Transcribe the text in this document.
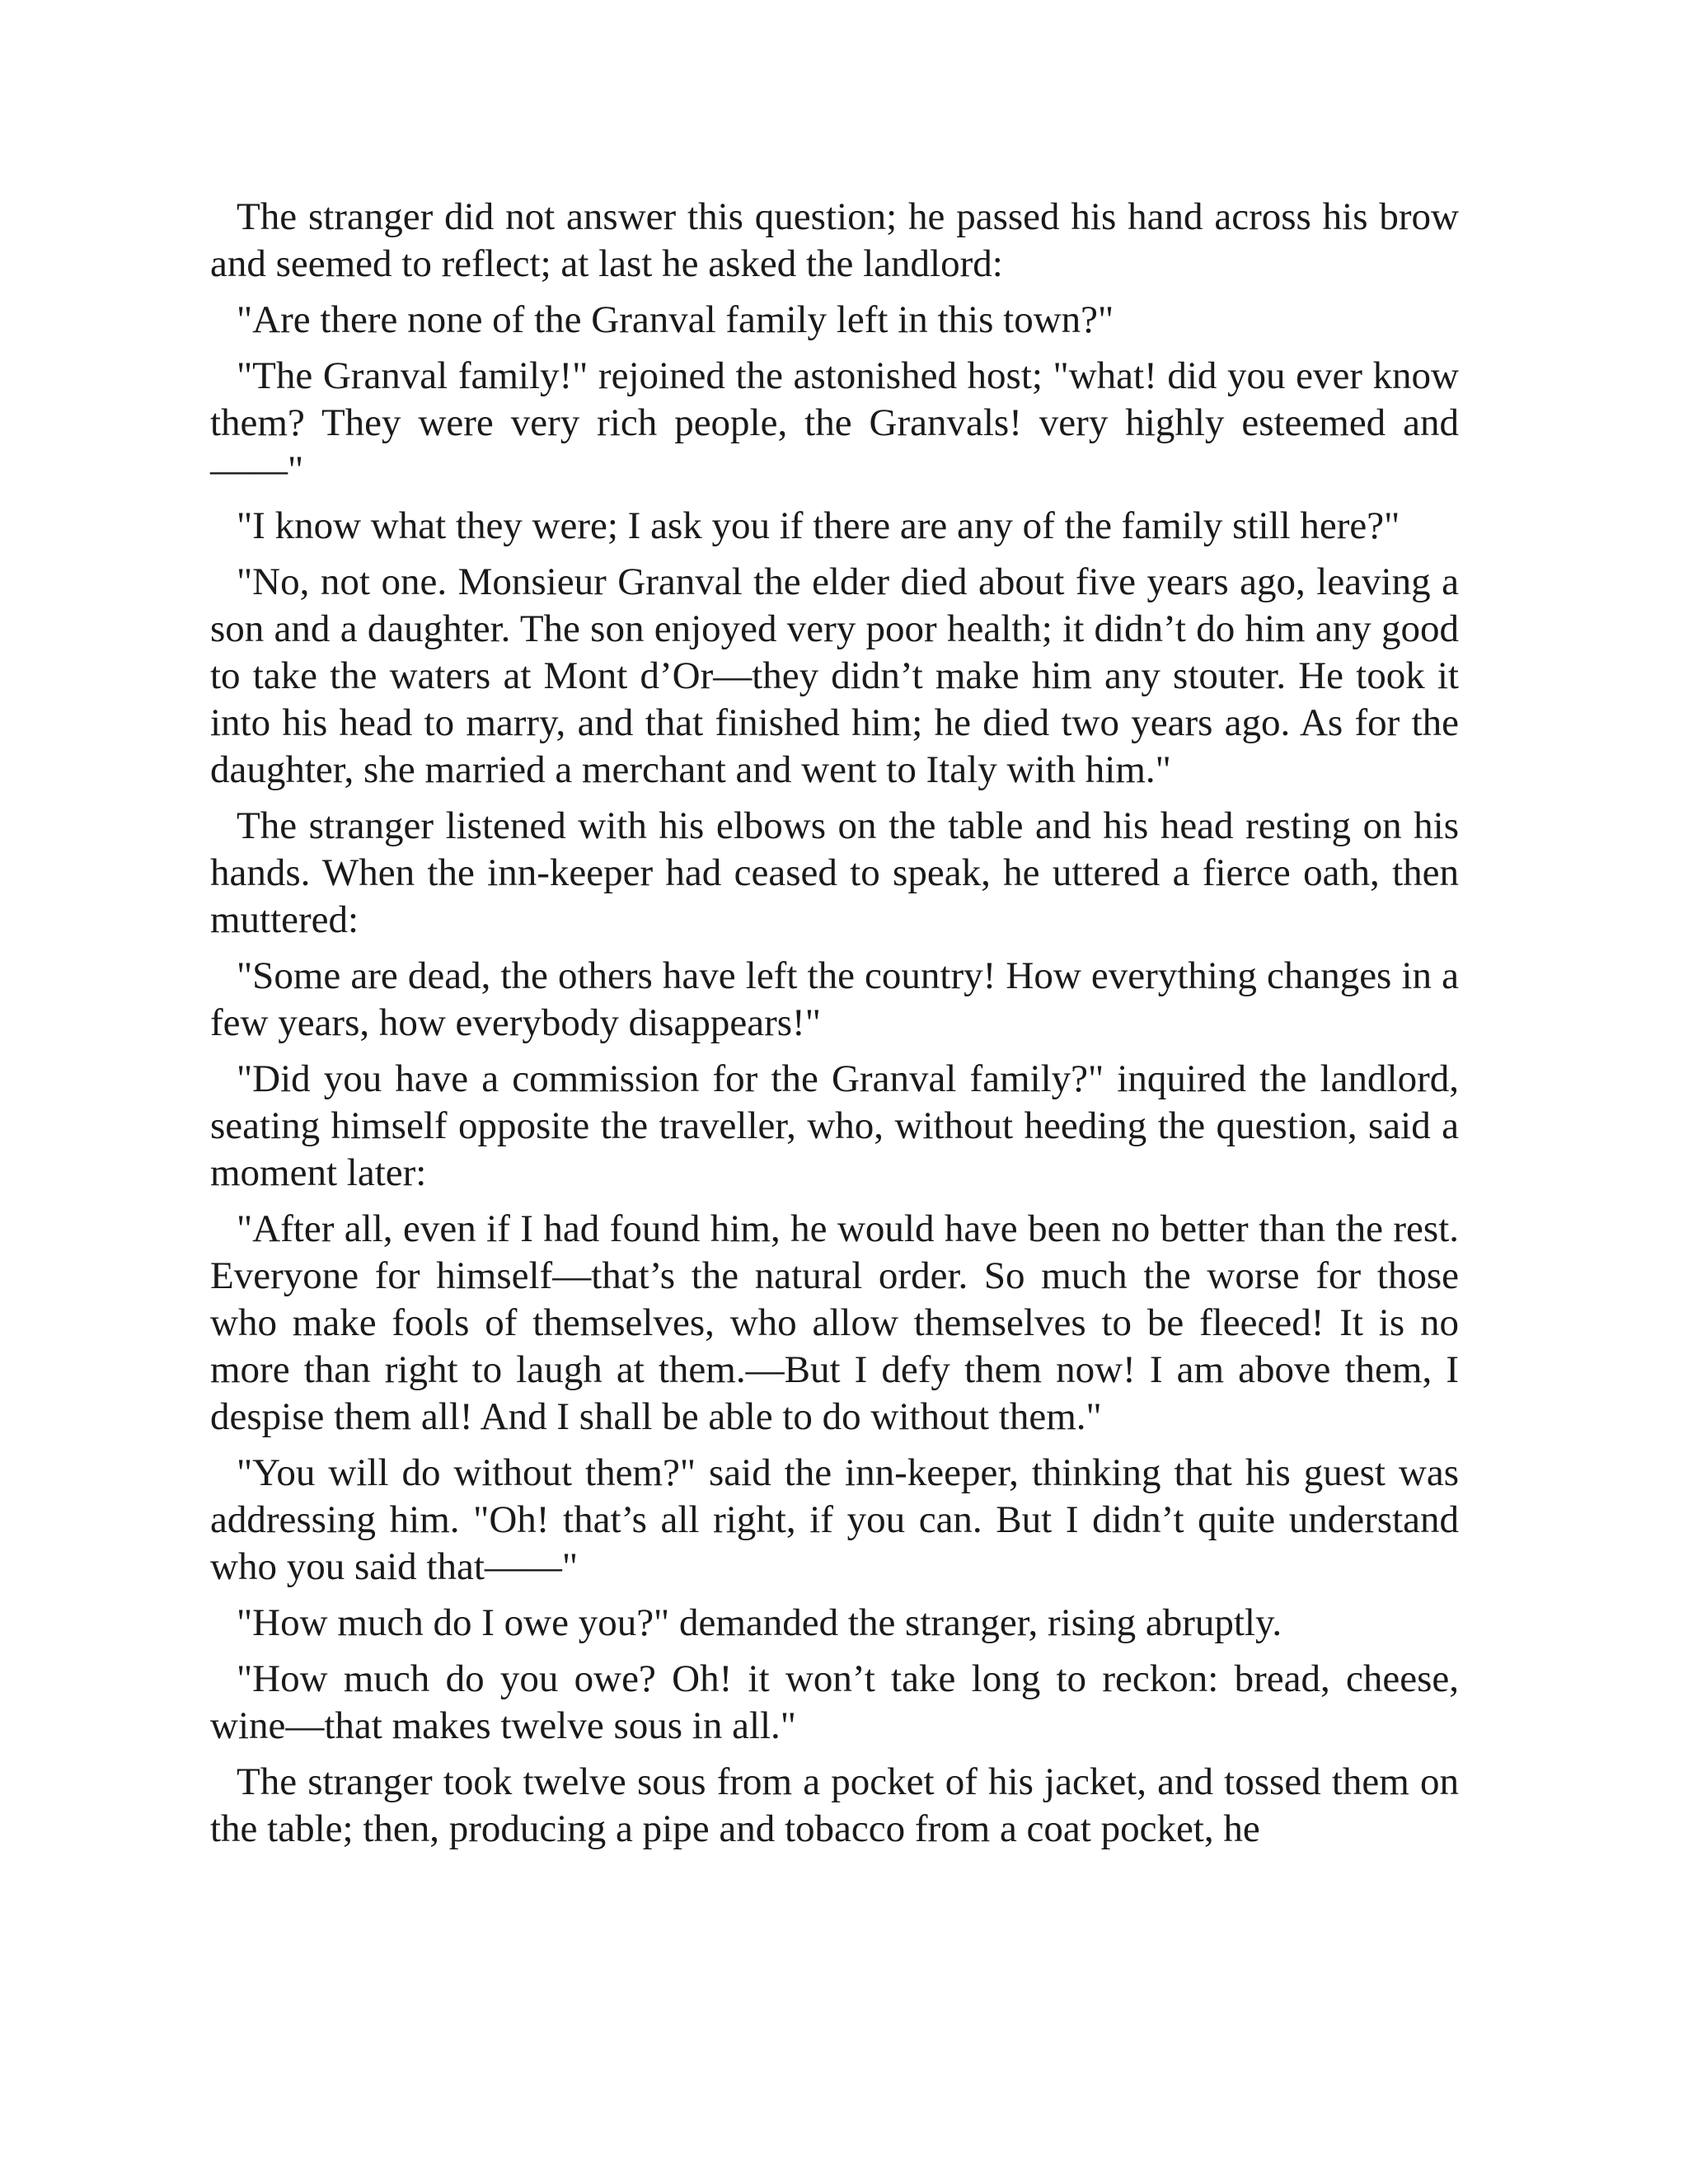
The stranger did not answer this question; he passed his hand across his brow and seemed to reflect; at last he asked the landlord:

"Are there none of the Granval family left in this town?"

"The Granval family!" rejoined the astonished host; "what! did you ever know them? They were very rich people, the Granvals! very highly esteemed and——"

"I know what they were; I ask you if there are any of the family still here?"

"No, not one. Monsieur Granval the elder died about five years ago, leaving a son and a daughter. The son enjoyed very poor health; it didn’t do him any good to take the waters at Mont d’Or—they didn’t make him any stouter. He took it into his head to marry, and that finished him; he died two years ago. As for the daughter, she married a merchant and went to Italy with him."

The stranger listened with his elbows on the table and his head resting on his hands. When the inn-keeper had ceased to speak, he uttered a fierce oath, then muttered:

"Some are dead, the others have left the country! How everything changes in a few years, how everybody disappears!"

"Did you have a commission for the Granval family?" inquired the landlord, seating himself opposite the traveller, who, without heeding the question, said a moment later:

"After all, even if I had found him, he would have been no better than the rest. Everyone for himself—that’s the natural order. So much the worse for those who make fools of themselves, who allow themselves to be fleeced! It is no more than right to laugh at them.—But I defy them now! I am above them, I despise them all! And I shall be able to do without them."

"You will do without them?" said the inn-keeper, thinking that his guest was addressing him. "Oh! that’s all right, if you can. But I didn’t quite understand who you said that——"

"How much do I owe you?" demanded the stranger, rising abruptly.

"How much do you owe? Oh! it won’t take long to reckon: bread, cheese, wine—that makes twelve sous in all."

The stranger took twelve sous from a pocket of his jacket, and tossed them on the table; then, producing a pipe and tobacco from a coat pocket, he
